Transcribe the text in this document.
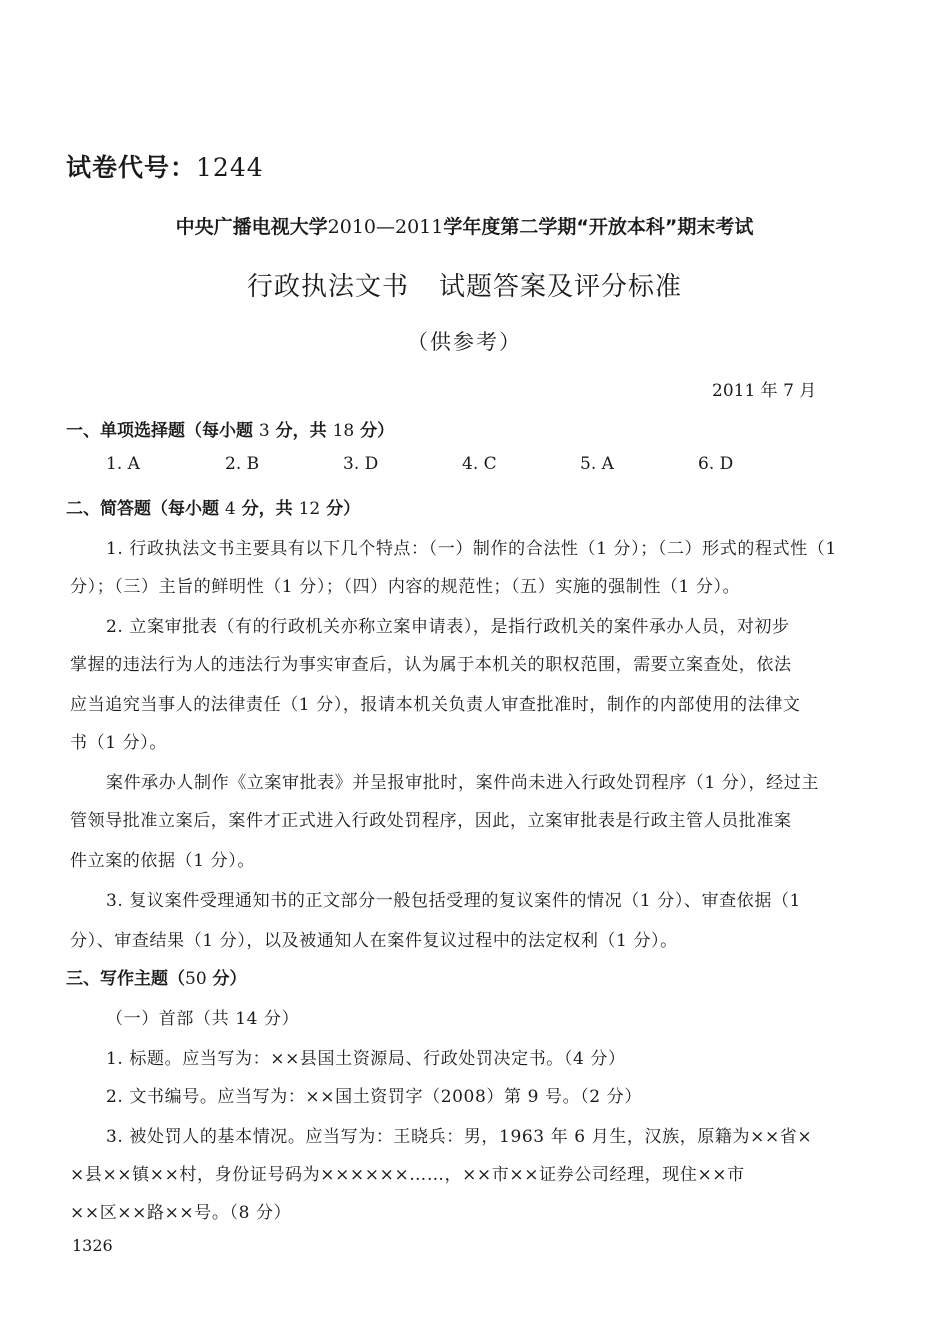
试卷代号：1244
中央广播电视大学2010—2011学年度第二学期“开放本科”期末考试
行政执法文书 试题答案及评分标准
（供参考）
2011 年 7 月
一、单项选择题（每小题 3 分，共 18 分）
1. A	2. B	3. D	4. C	5. A	6. D
二、简答题（每小题 4 分，共 12 分）
1. 行政执法文书主要具有以下几个特点：（一）制作的合法性（1 分）；（二）形式的程式性（1
分）；（三）主旨的鲜明性（1 分）；（四）内容的规范性；（五）实施的强制性（1 分）。
2. 立案审批表（有的行政机关亦称立案申请表），是指行政机关的案件承办人员，对初步
掌握的违法行为人的违法行为事实审查后，认为属于本机关的职权范围，需要立案查处，依法
应当追究当事人的法律责任（1 分），报请本机关负责人审查批准时，制作的内部使用的法律文
书（1 分）。
案件承办人制作《立案审批表》并呈报审批时，案件尚未进入行政处罚程序（1 分），经过主
管领导批准立案后，案件才正式进入行政处罚程序，因此，立案审批表是行政主管人员批准案
件立案的依据（1 分）。
3. 复议案件受理通知书的正文部分一般包括受理的复议案件的情况（1 分）、审查依据（1
分）、审查结果（1 分），以及被通知人在案件复议过程中的法定权利（1 分）。
三、写作主题（50 分）
（一）首部（共 14 分）
1. 标题。应当写为：××县国土资源局、行政处罚决定书。（4 分）
2. 文书编号。应当写为：××国土资罚字（2008）第 9 号。（2 分）
3. 被处罚人的基本情况。应当写为：王晓兵：男，1963 年 6 月生，汉族，原籍为××省×
×县××镇××村，身份证号码为××××××……，××市××证券公司经理，现住××市
××区××路××号。（8 分）
1326
